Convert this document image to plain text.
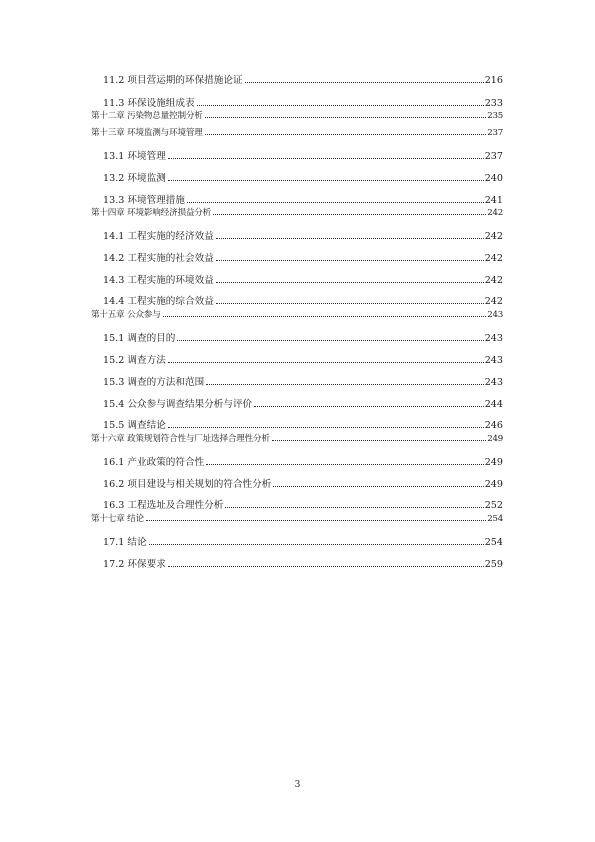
11.2 项目营运期的环保措施论证	216
11.3 环保设施组成表	233
第十二章 污染物总量控制分析	235
第十三章 环境监测与环境管理	237
13.1 环境管理	237
13.2 环境监测	240
13.3 环境管理措施	241
第十四章 环境影响经济损益分析	242
14.1 工程实施的经济效益	242
14.2 工程实施的社会效益	242
14.3 工程实施的环境效益	242
14.4 工程实施的综合效益	242
第十五章 公众参与	243
15.1 调查的目的	243
15.2 调查方法	243
15.3 调查的方法和范围	243
15.4 公众参与调查结果分析与评价	244
15.5 调查结论	246
第十六章 政策规划符合性与厂址选择合理性分析	249
16.1 产业政策的符合性	249
16.2 项目建设与相关规划的符合性分析	249
16.3 工程选址及合理性分析	252
第十七章 结论	254
17.1 结论	254
17.2 环保要求	259
3
